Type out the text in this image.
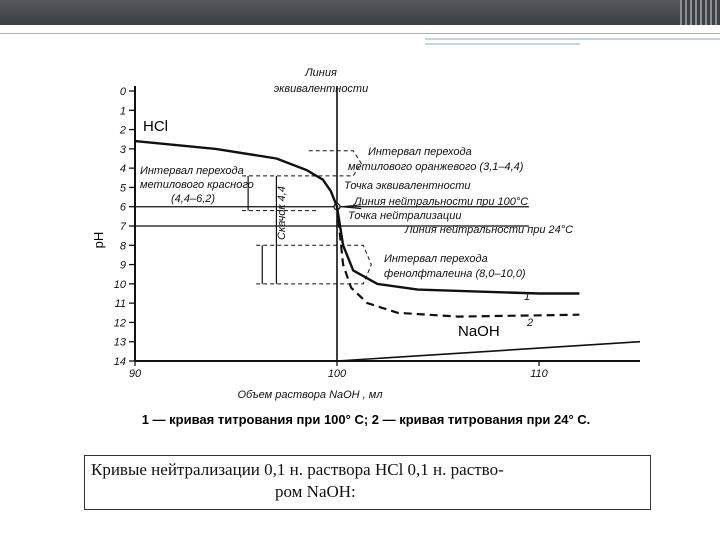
0
1
2
3
4
5
6
7
8
9
10
11
12
13
14
90	100	110
pH
Объем раствора NaOH , мл
HCl
NaOH
1
2
Линия
эквивалентности
Интервал перехода
метилового оранжевого (3,1–4,4)
Точка эквивалентности
Линия нейтральности при 100°C
Точка нейтрализации
Линия нейтральности при 24°C
Интервал перехода
метилового красного
(4,4–6,2)	Скачок 4,4
Интервал перехода
фенолфталеина (8,0–10,0)
1 — кривая титрования при 100° С; 2 — кривая титрования при 24° С.
Кривые нейтрализации 0,1 н. раствора HCl 0,1 н. раство-
ром NaOH:
